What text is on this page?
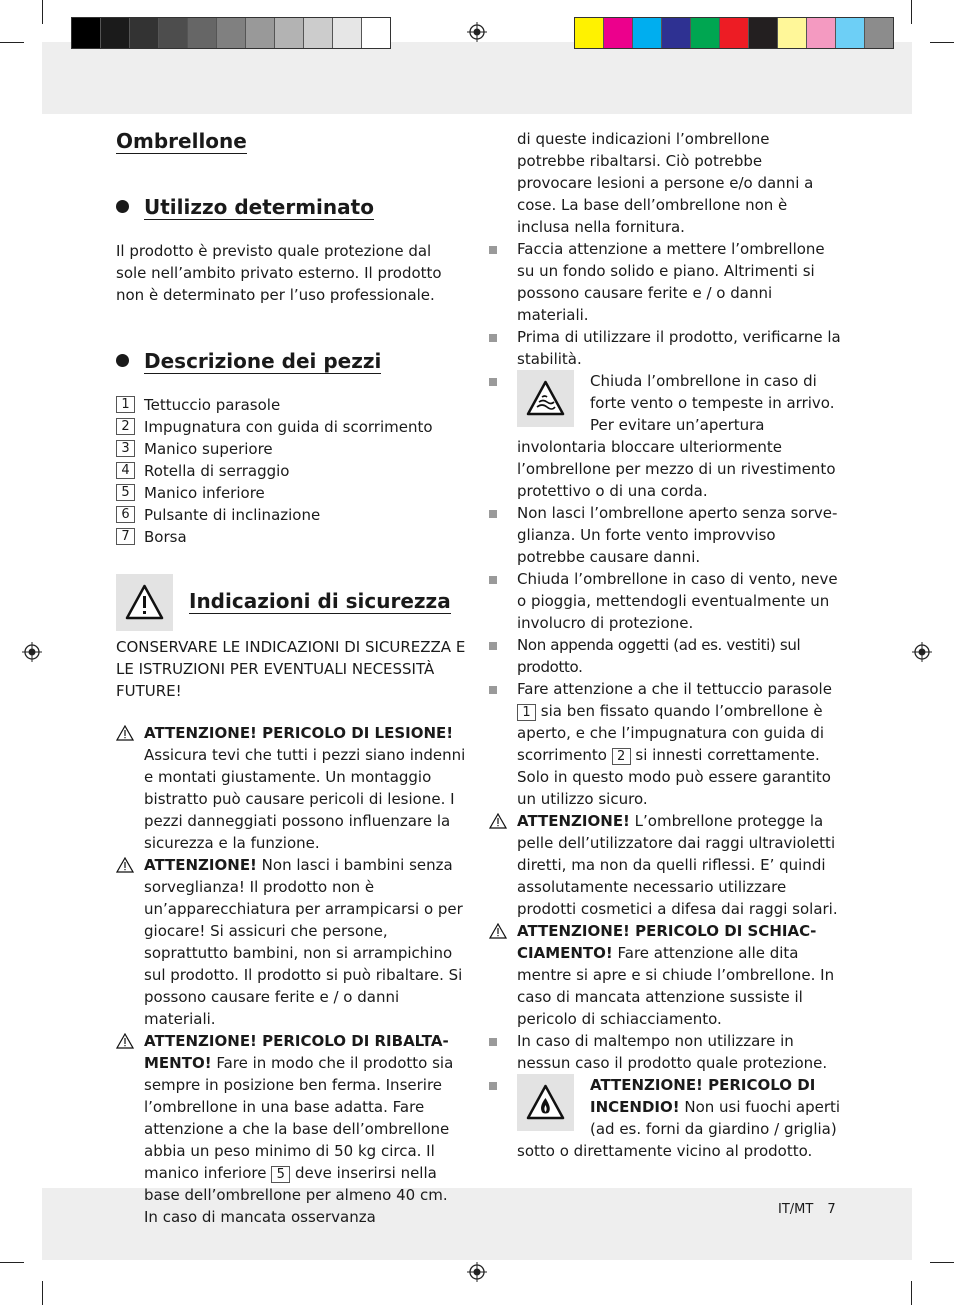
Ombrellone
Utilizzo determinato

Il prodotto è previsto quale protezione dal sole nell’ambito privato esterno. Il prodotto non è determinato per l’uso professionale.

Descrizione dei pezzi
1 Tettuccio parasole
2 Impugnatura con guida di scorrimento
3 Manico superiore
4 Rotella di serraggio
5 Manico inferiore
6 Pulsante di inclinazione
7 Borsa
Indicazioni di sicurezza

CONSERVARE LE INDICAZIONI DI SICUREZZA E LE ISTRUZIONI PER EVENTUALI NECESSITÀ FUTURE!

ATTENZIONE! PERICOLO DI LESIONE!
Assicura tevi che tutti i pezzi siano indenni e montati giustamente. Un montaggio bistratto può causare pericoli di lesione. I pezzi danneggiati possono influenzare la sicurezza e la funzione.
ATTENZIONE! Non lasci i bambini senza sorveglianza! Il prodotto non è un’apparecchiatura per arrampicarsi o per giocare! Si assicuri che persone, soprattutto bambini, non si arrampichino sul prodotto. Il prodotto si può ribaltare. Si possono causare ferite e / o danni materiali.
ATTENZIONE! PERICOLO DI RIBALTAMENTO! Fare in modo che il prodotto sia sempre in posizione ben ferma. Inserire l’ombrellone in una base adatta. Fare attenzione a che la base dell’ombrellone abbia un peso minimo di 50 kg circa. Il manico inferiore 5 deve inserirsi nella base dell’ombrellone per almeno 40 cm. In caso di mancata osservanza

di queste indicazioni l’ombrellone potrebbe ribaltarsi. Ciò potrebbe provocare lesioni a persone e/o danni a cose. La base dell’ombrellone non è inclusa nella fornitura.

Faccia attenzione a mettere l’ombrellone su un fondo solido e piano. Altrimenti si possono causare ferite e / o danni materiali.
Prima di utilizzare il prodotto, verificarne la stabilità.
Chiuda l’ombrellone in caso di forte vento o tempeste in arrivo. Per evitare un’apertura involontaria bloccare ulteriormente l’ombrellone per mezzo di un rivestimento protettivo o di una corda.
Non lasci l’ombrellone aperto senza sorveglianza. Un forte vento improvviso potrebbe causare danni.
Chiuda l’ombrellone in caso di vento, neve o pioggia, mettendogli eventualmente un involucro di protezione.
Non appenda oggetti (ad es. vestiti) sul prodotto.
Fare attenzione a che il tettuccio parasole 1 sia ben fissato quando l’ombrellone è aperto, e che l’impugnatura con guida di scorrimento 2 si innesti correttamente. Solo in questo modo può essere garantito un utilizzo sicuro.
ATTENZIONE! L’ombrellone protegge la pelle dell’utilizzatore dai raggi ultravioletti diretti, ma non da quelli riflessi. E’ quindi assolutamente necessario utilizzare prodotti cosmetici a difesa dai raggi solari.
ATTENZIONE! PERICOLO DI SCHIACCIAMENTO! Fare attenzione alle dita mentre si apre e si chiude l’ombrellone. In caso di mancata attenzione sussiste il pericolo di schiacciamento.
In caso di maltempo non utilizzare in nessun caso il prodotto quale protezione.
ATTENZIONE! PERICOLO DI INCENDIO! Non usi fuochi aperti (ad es. forni da giardino / griglia) sotto o direttamente vicino al prodotto.
IT/MT 7
